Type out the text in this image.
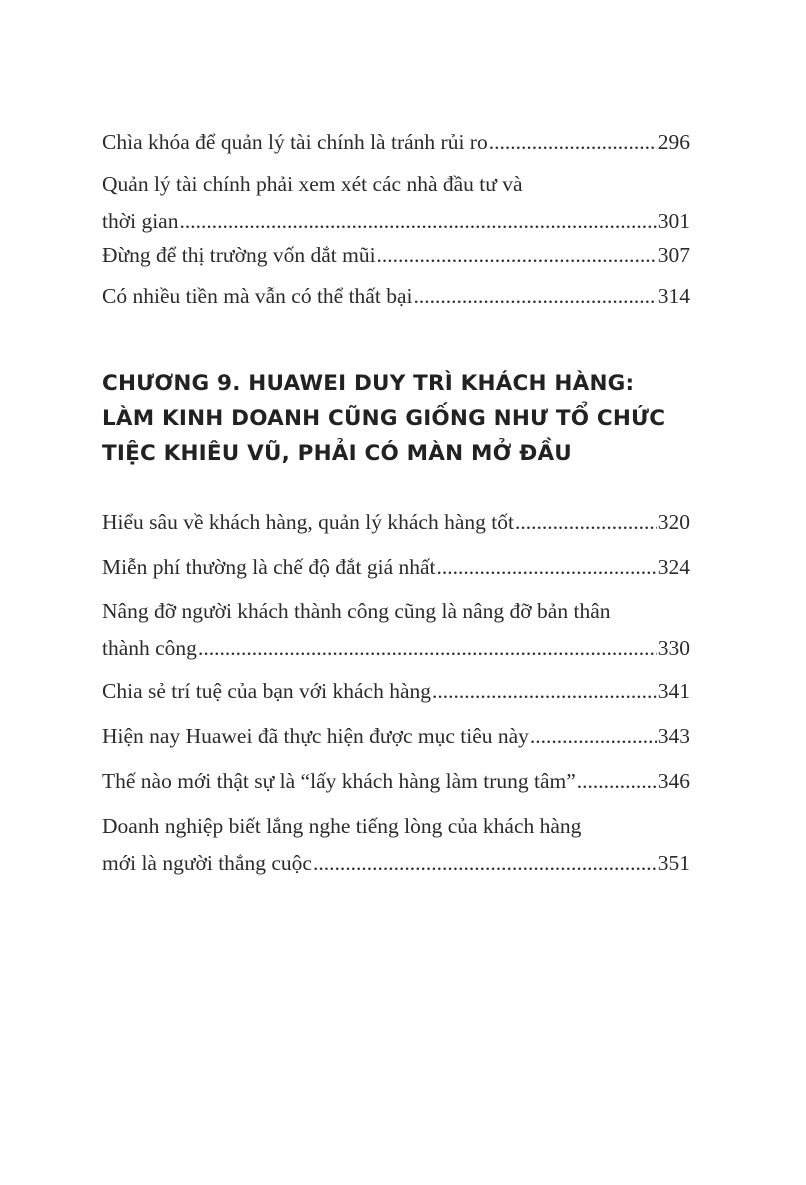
Chìa khóa để quản lý tài chính là tránh rủi ro .....	296
Quản lý tài chính phải xem xét các nhà đầu tư và
thời gian .....	301
Đừng để thị trường vốn dắt mũi .....	307
Có nhiều tiền mà vẫn có thể thất bại .....	314
CHƯƠNG 9. HUAWEI DUY TRÌ KHÁCH HÀNG:
LÀM KINH DOANH CŨNG GIỐNG NHƯ TỔ CHỨC
TIỆC KHIÊU VŨ, PHẢI CÓ MÀN MỞ ĐẦU
Hiểu sâu về khách hàng, quản lý khách hàng tốt .....	320
Miễn phí thường là chế độ đắt giá nhất .....	324
Nâng đỡ người khách thành công cũng là nâng đỡ bản thân
thành công .....	330
Chia sẻ trí tuệ của bạn với khách hàng .....	341
Hiện nay Huawei đã thực hiện được mục tiêu này .....	343
Thế nào mới thật sự là “lấy khách hàng làm trung tâm” .....	346
Doanh nghiệp biết lắng nghe tiếng lòng của khách hàng
mới là người thắng cuộc .....	351
